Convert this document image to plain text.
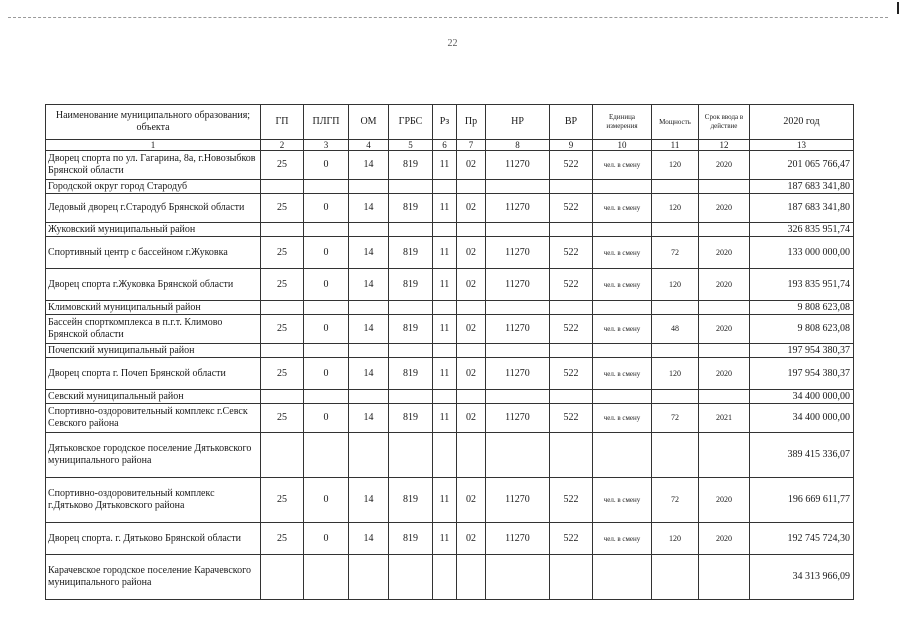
22
Наименование муниципального образования; объекта	ГП	ПЛГП	ОМ	ГРБС	Рз	Пр	НР	ВР	Единица измерения	Мощность	Срок ввода в действие	2020 год
1	2	3	4	5	6	7	8	9	10	11	12	13
Дворец спорта по ул. Гагарина, 8а, г.Новозыбков Брянской области	25	0	14	819	11	02	11270	522	чел. в смену	120	2020	201 065 766,47
Городской округ город Стародуб												187 683 341,80
Ледовый дворец г.Стародуб Брянской области	25	0	14	819	11	02	11270	522	чел. в смену	120	2020	187 683 341,80
Жуковский муниципальный район												326 835 951,74
Спортивный центр с бассейном г.Жуковка	25	0	14	819	11	02	11270	522	чел. в смену	72	2020	133 000 000,00
Дворец спорта г.Жуковка Брянской области	25	0	14	819	11	02	11270	522	чел. в смену	120	2020	193 835 951,74
Климовский муниципальный район												9 808 623,08
Бассейн спорткомплекса в п.г.т. Климово Брянской области	25	0	14	819	11	02	11270	522	чел. в смену	48	2020	9 808 623,08
Почепский муниципальный район												197 954 380,37
Дворец спорта г. Почеп Брянской области	25	0	14	819	11	02	11270	522	чел. в смену	120	2020	197 954 380,37
Севский муниципальный район												34 400 000,00
Спортивно-оздоровительный комплекс г.Севск Севского района	25	0	14	819	11	02	11270	522	чел. в смену	72	2021	34 400 000,00
Дятьковское городское поселение Дятьковского муниципального района												389 415 336,07
Спортивно-оздоровительный комплекс г.Дятьково Дятьковского района	25	0	14	819	11	02	11270	522	чел. в смену	72	2020	196 669 611,77
Дворец спорта. г. Дятьково Брянской области	25	0	14	819	11	02	11270	522	чел. в смену	120	2020	192 745 724,30
Карачевское городское поселение Карачевского муниципального района												34 313 966,09
